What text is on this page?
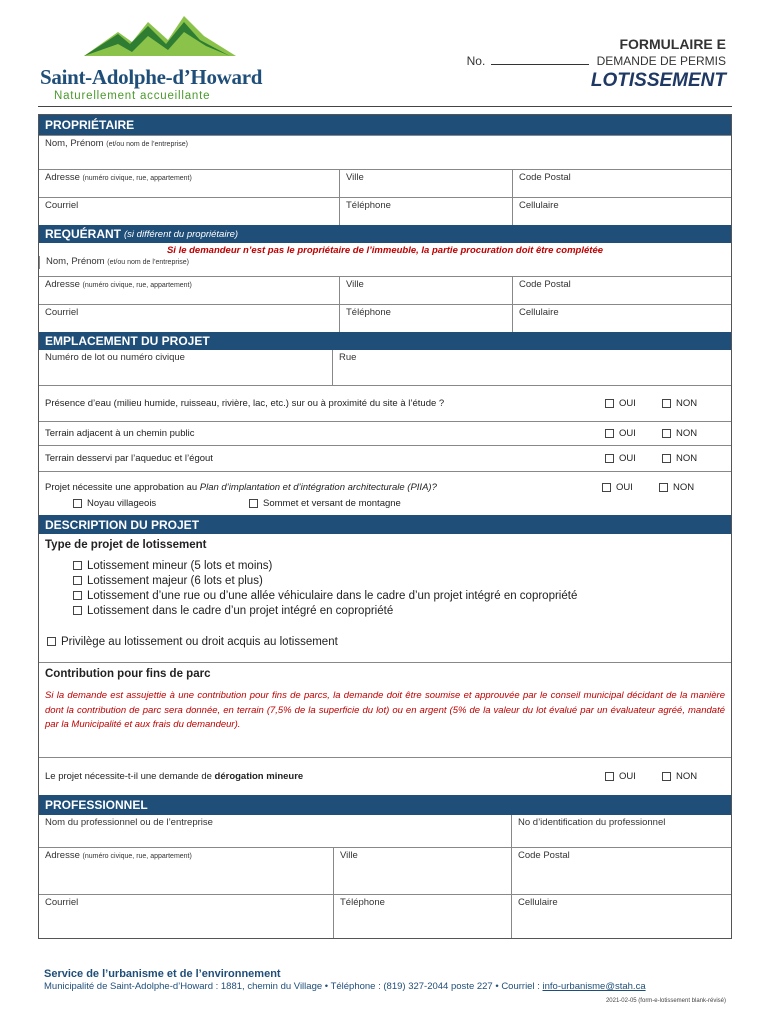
Saint-Adolphe-d’Howard
Naturellement accueillante
FORMULAIRE E
No.	DEMANDE DE PERMIS
LOTISSEMENT
PROPRIÉTAIRE
Nom, Prénom (et/ou nom de l’entreprise)
Adresse (numéro civique, rue, appartement)	Ville	Code Postal
Courriel	Téléphone	Cellulaire
REQUÉRANT (si différent du propriétaire)
Si le demandeur n’est pas le propriétaire de l’immeuble, la partie procuration doit être complétée
Nom, Prénom (et/ou nom de l’entreprise)
Adresse (numéro civique, rue, appartement)	Ville	Code Postal
Courriel	Téléphone	Cellulaire
EMPLACEMENT DU PROJET
Numéro de lot ou numéro civique	Rue
Présence d’eau (milieu humide, ruisseau, rivière, lac, etc.) sur ou à proximité du site à l’étude ?	OUI	NON
Terrain adjacent à un chemin public	OUI	NON
Terrain desservi par l’aqueduc et l’égout	OUI	NON
Projet nécessite une approbation au Plan d’implantation et d’intégration architecturale (PIIA)?	OUI	NON
Noyau villageois	Sommet et versant de montagne
DESCRIPTION DU PROJET
Type de projet de lotissement
Lotissement mineur (5 lots et moins)
Lotissement majeur (6 lots et plus)
Lotissement d’une rue ou d’une allée véhiculaire dans le cadre d’un projet intégré en copropriété
Lotissement dans le cadre d’un projet intégré en copropriété
Privilège au lotissement ou droit acquis au lotissement
Contribution pour fins de parc
Si la demande est assujettie à une contribution pour fins de parcs, la demande doit être soumise et approuvée par le conseil municipal décidant de la manière dont la contribution de parc sera donnée, en terrain (7,5% de la superficie du lot) ou en argent (5% de la valeur du lot évalué par un évaluateur agréé, mandaté par la Municipalité et aux frais du demandeur).
Le projet nécessite-t-il une demande de dérogation mineure	OUI	NON
PROFESSIONNEL
Nom du professionnel ou de l’entreprise	No d’identification du professionnel
Adresse (numéro civique, rue, appartement)	Ville	Code Postal
Courriel	Téléphone	Cellulaire
Service de l’urbanisme et de l’environnement
Municipalité de Saint-Adolphe-d’Howard : 1881, chemin du Village • Téléphone : (819) 327-2044 poste 227 • Courriel : info-urbanisme@stah.ca
2021-02-05 (form-e-lotissement blank-révisé)
